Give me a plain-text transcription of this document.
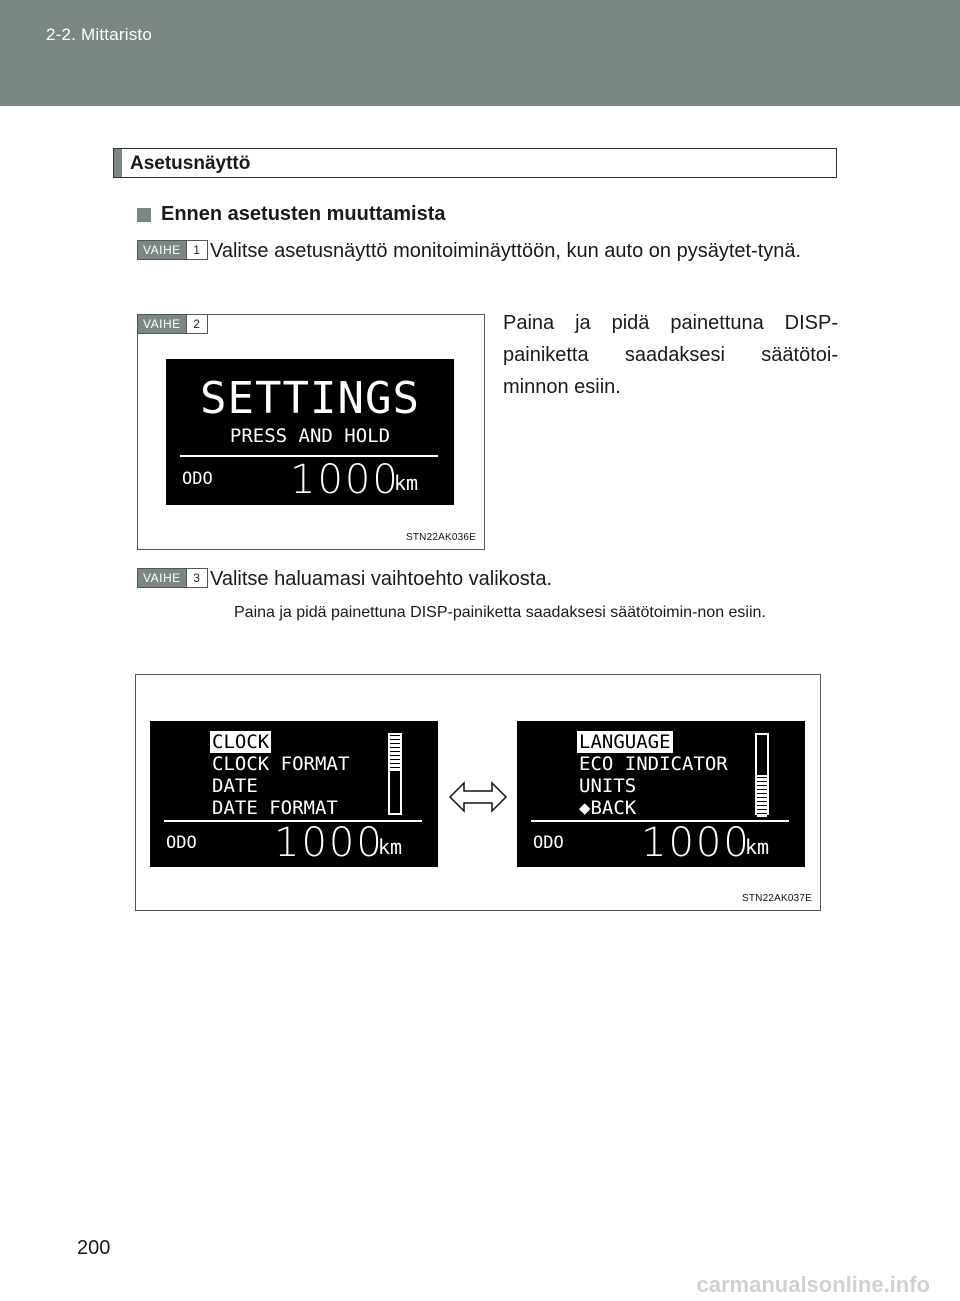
2-2. Mittaristo
Asetusnäyttö
Ennen asetusten muuttamista
VAIHE	1 Valitse asetusnäyttö monitoiminäyttöön, kun auto on pysäytet-tynä.
VAIHE	2
SETTINGS
PRESS AND HOLD
ODO 1000
km
STN22AK036E
Paina ja pidä painettuna DISP-painiketta saadaksesi säätötoi-minnon esiin.
VAIHE	3 Valitse haluamasi vaihtoehto valikosta.
Paina ja pidä painettuna DISP-painiketta saadaksesi säätötoimin-non esiin.
CLOCK
CLOCK FORMAT
DATE
DATE FORMAT
ODO 1000
km
LANGUAGE
ECO INDICATOR
UNITS
◆BACK
ODO 1000
km
STN22AK037E
200
carmanualsonline.info
